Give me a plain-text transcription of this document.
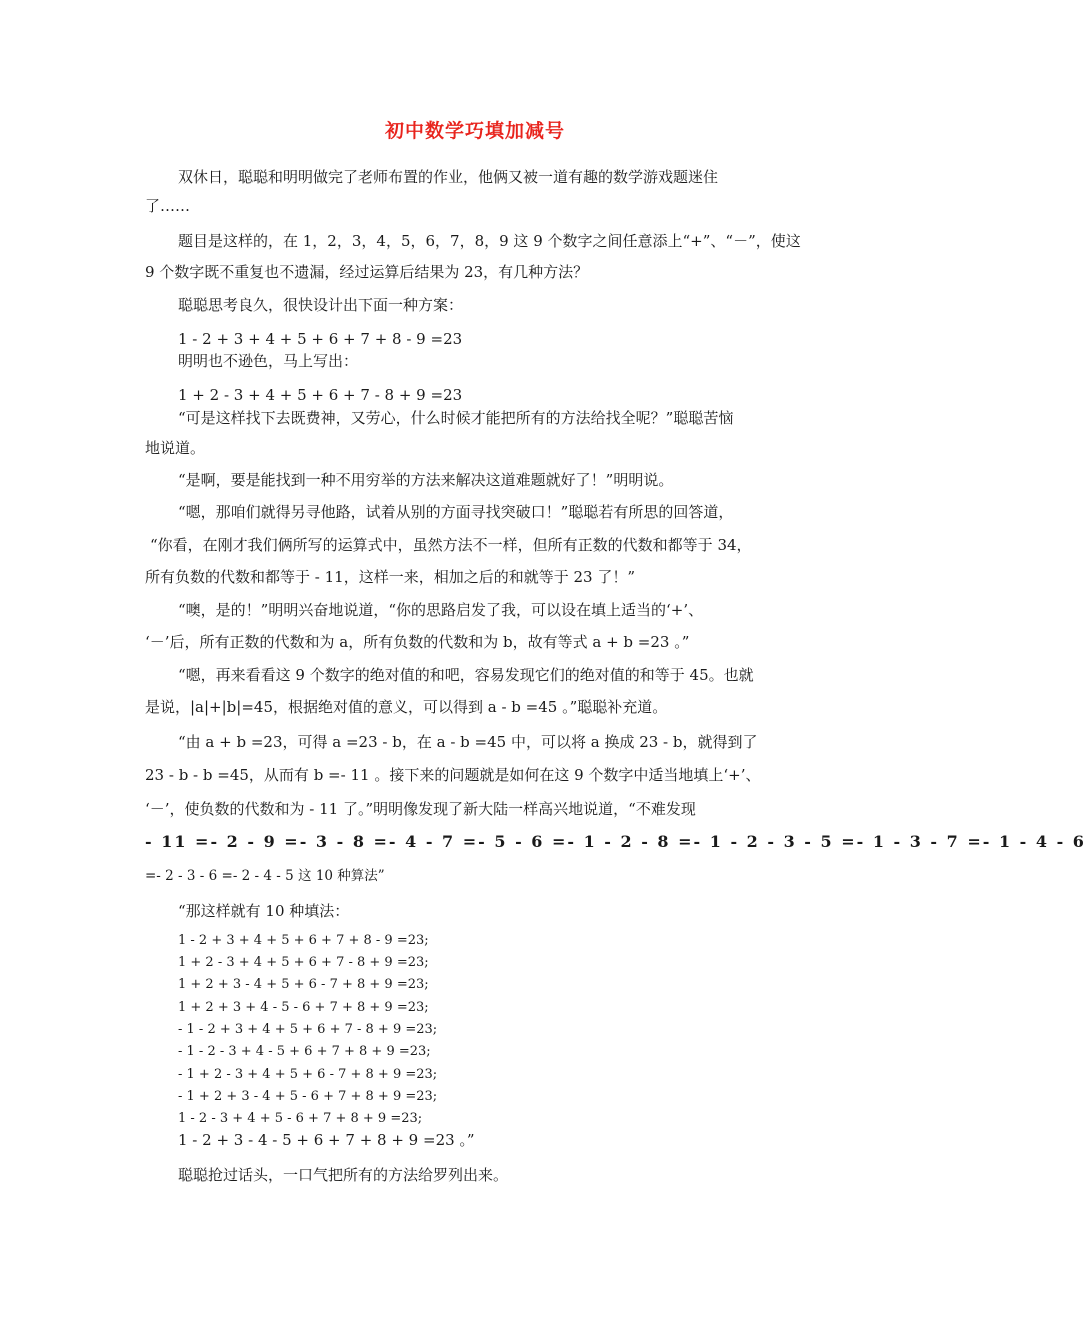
初中数学巧填加减号
双休日，聪聪和明明做完了老师布置的作业，他俩又被一道有趣的数学游戏题迷住
了……
题目是这样的，在 1，2，3，4，5，6，7，8，9 这 9 个数字之间任意添上“+”、“－”，使这
9 个数字既不重复也不遗漏，经过运算后结果为 23，有几种方法？
聪聪思考良久，很快设计出下面一种方案：
1 - 2 + 3 + 4 + 5 + 6 + 7 + 8 - 9 =23
明明也不逊色，马上写出：
1 + 2 - 3 + 4 + 5 + 6 + 7 - 8 + 9 =23
“可是这样找下去既费神，又劳心，什么时候才能把所有的方法给找全呢？”聪聪苦恼
地说道。
“是啊，要是能找到一种不用穷举的方法来解决这道难题就好了！”明明说。
“嗯，那咱们就得另寻他路，试着从别的方面寻找突破口！”聪聪若有所思的回答道，
“你看，在刚才我们俩所写的运算式中，虽然方法不一样，但所有正数的代数和都等于 34，
所有负数的代数和都等于 - 11，这样一来，相加之后的和就等于 23 了！”
“噢，是的！”明明兴奋地说道，“你的思路启发了我，可以设在填上适当的‘+’、
‘－’后，所有正数的代数和为 a，所有负数的代数和为 b，故有等式 a + b =23 。”
“嗯，再来看看这 9 个数字的绝对值的和吧，容易发现它们的绝对值的和等于 45。也就
是说，|a|+|b|=45，根据绝对值的意义，可以得到 a - b =45 。”聪聪补充道。
“由 a + b =23，可得 a =23 - b，在 a - b =45 中，可以将 a 换成 23 - b，就得到了
23 - b - b =45，从而有 b =- 11 。接下来的问题就是如何在这 9 个数字中适当地填上‘+’、
‘－’，使负数的代数和为 - 11 了。”明明像发现了新大陆一样高兴地说道，“不难发现
- 11 =- 2 - 9 =- 3 - 8 =- 4 - 7 =- 5 - 6 =- 1 - 2 - 8 =- 1 - 2 - 3 - 5 =- 1 - 3 - 7 =- 1 - 4 - 6
=- 2 - 3 - 6 =- 2 - 4 - 5 这 10 种算法”
“那这样就有 10 种填法：
1 - 2 + 3 + 4 + 5 + 6 + 7 + 8 - 9 =23;
1 + 2 - 3 + 4 + 5 + 6 + 7 - 8 + 9 =23;
1 + 2 + 3 - 4 + 5 + 6 - 7 + 8 + 9 =23;
1 + 2 + 3 + 4 - 5 - 6 + 7 + 8 + 9 =23;
- 1 - 2 + 3 + 4 + 5 + 6 + 7 - 8 + 9 =23;
- 1 - 2 - 3 + 4 - 5 + 6 + 7 + 8 + 9 =23;
- 1 + 2 - 3 + 4 + 5 + 6 - 7 + 8 + 9 =23;
- 1 + 2 + 3 - 4 + 5 - 6 + 7 + 8 + 9 =23;
1 - 2 - 3 + 4 + 5 - 6 + 7 + 8 + 9 =23;
1 - 2 + 3 - 4 - 5 + 6 + 7 + 8 + 9 =23 。”
聪聪抢过话头，一口气把所有的方法给罗列出来。
